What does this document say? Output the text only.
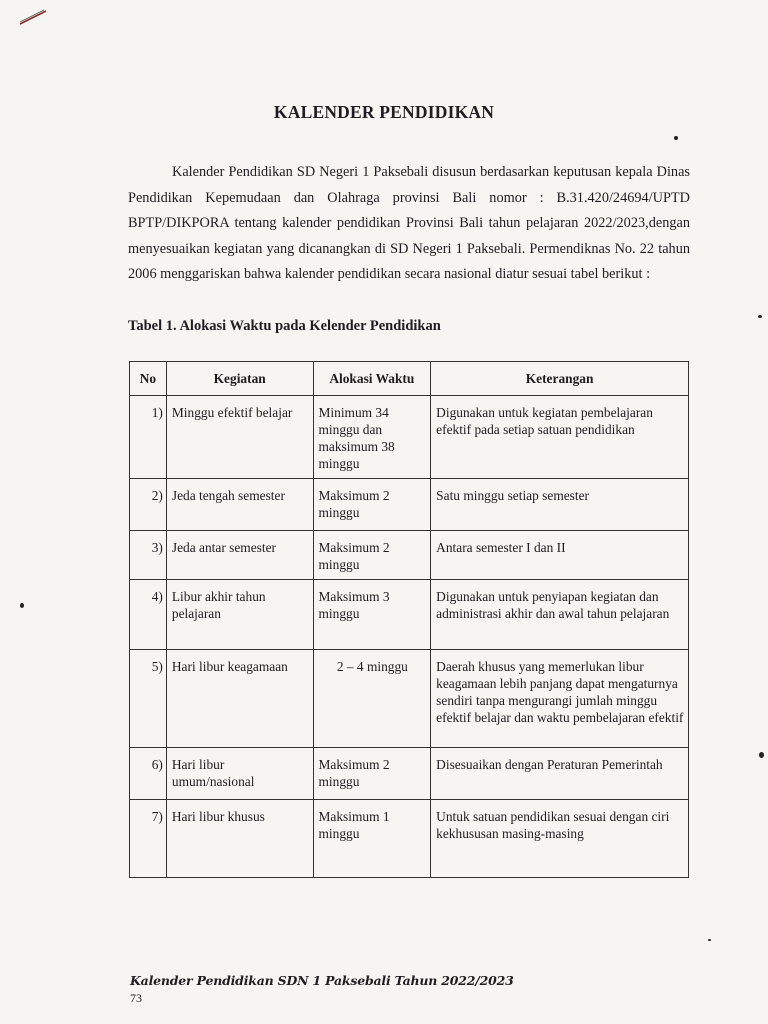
KALENDER PENDIDIKAN

Kalender Pendidikan SD Negeri 1 Paksebali disusun berdasarkan keputusan kepala Dinas Pendidikan Kepemudaan dan Olahraga provinsi Bali nomor : B.31.420/24694/UPTD BPTP/DIKPORA tentang kalender pendidikan Provinsi Bali tahun pelajaran 2022/2023,dengan menyesuaikan kegiatan yang dicanangkan di SD Negeri 1 Paksebali. Permendiknas No. 22 tahun 2006 menggariskan bahwa kalender pendidikan secara nasional diatur sesuai tabel berikut :

Tabel 1. Alokasi Waktu pada Kelender Pendidikan
No	Kegiatan	Alokasi Waktu	Keterangan
1)	Minggu efektif belajar	Minimum 34 minggu dan maksimum 38 minggu	Digunakan untuk kegiatan pembelajaran efektif pada setiap satuan pendidikan
2)	Jeda tengah semester	Maksimum 2 minggu	Satu minggu setiap semester
3)	Jeda antar semester	Maksimum 2 minggu	Antara semester I dan II
4)	Libur akhir tahun pelajaran	Maksimum 3 minggu	Digunakan untuk penyiapan kegiatan dan administrasi akhir dan awal tahun pelajaran
5)	Hari libur keagamaan	2 – 4 minggu	Daerah khusus yang memerlukan libur keagamaan lebih panjang dapat mengaturnya sendiri tanpa mengurangi jumlah minggu efektif belajar dan waktu pembelajaran efektif
6)	Hari libur umum/nasional	Maksimum 2 minggu	Disesuaikan dengan Peraturan Pemerintah
7)	Hari libur khusus	Maksimum 1 minggu	Untuk satuan pendidikan sesuai dengan ciri kekhususan masing-masing
Kalender Pendidikan SDN 1 Paksebali Tahun 2022/2023
73
